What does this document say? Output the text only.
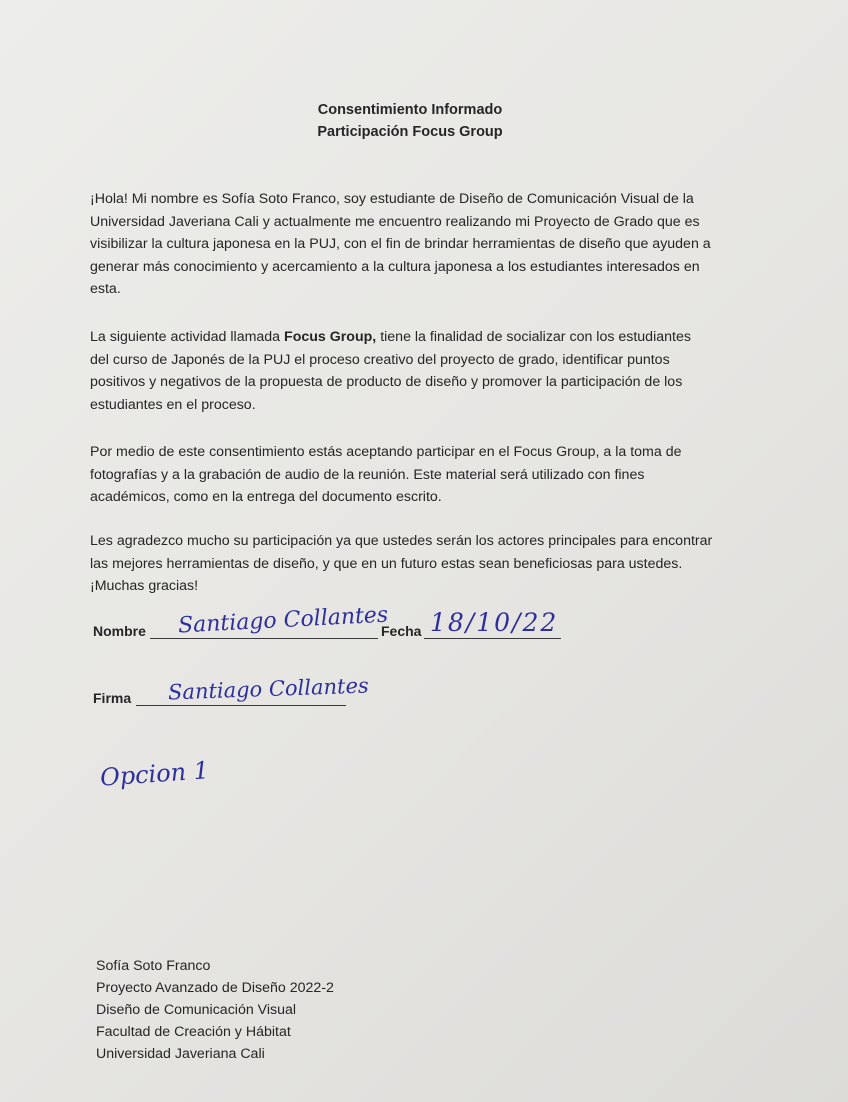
Consentimiento Informado
Participación Focus Group
¡Hola! Mi nombre es Sofía Soto Franco, soy estudiante de Diseño de Comunicación Visual de la
Universidad Javeriana Cali y actualmente me encuentro realizando mi Proyecto de Grado que es
visibilizar la cultura japonesa en la PUJ, con el fin de brindar herramientas de diseño que ayuden a
generar más conocimiento y acercamiento a la cultura japonesa a los estudiantes interesados en
esta.
La siguiente actividad llamada Focus Group, tiene la finalidad de socializar con los estudiantes
del curso de Japonés de la PUJ el proceso creativo del proyecto de grado, identificar puntos
positivos y negativos de la propuesta de producto de diseño y promover la participación de los
estudiantes en el proceso.
Por medio de este consentimiento estás aceptando participar en el Focus Group, a la toma de
fotografías y a la grabación de audio de la reunión. Este material será utilizado con fines
académicos, como en la entrega del documento escrito.
Les agradezco mucho su participación ya que ustedes serán los actores principales para encontrar
las mejores herramientas de diseño, y que en un futuro estas sean beneficiosas para ustedes.
¡Muchas gracias!
Nombre Santiago Collantes
Fecha 18/10/22
Firma Santiago Collantes
Opcion 1
Sofía Soto Franco
Proyecto Avanzado de Diseño 2022-2
Diseño de Comunicación Visual
Facultad de Creación y Hábitat
Universidad Javeriana Cali
